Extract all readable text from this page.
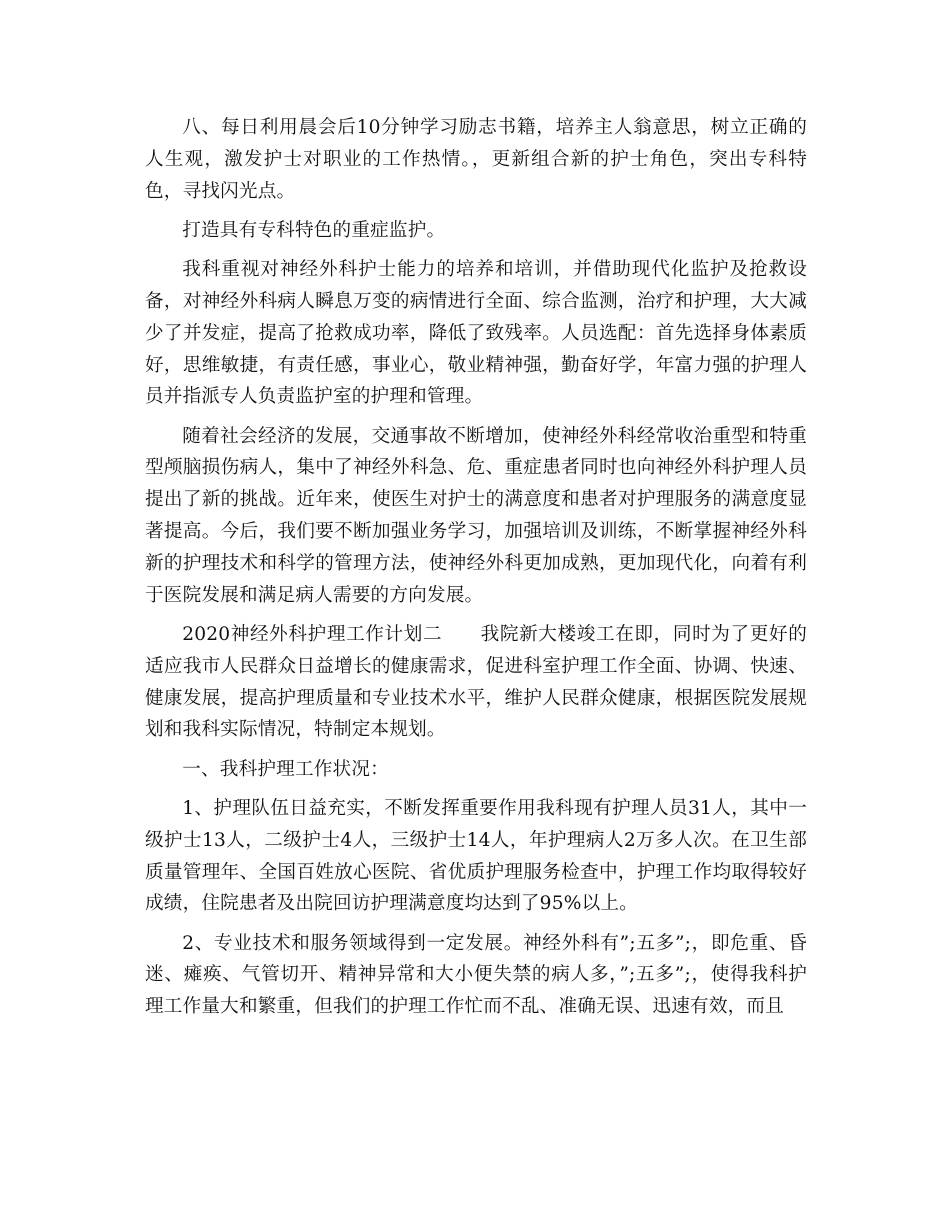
八、每日利用晨会后10分钟学习励志书籍，培养主人翁意思，树立正确的人生观，激发护士对职业的工作热情。，更新组合新的护士角色，突出专科特色，寻找闪光点。

打造具有专科特色的重症监护。

我科重视对神经外科护士能力的培养和培训，并借助现代化监护及抢救设备，对神经外科病人瞬息万变的病情进行全面、综合监测，治疗和护理，大大减少了并发症，提高了抢救成功率，降低了致残率。人员选配：首先选择身体素质好，思维敏捷，有责任感，事业心，敬业精神强，勤奋好学，年富力强的护理人员并指派专人负责监护室的护理和管理。

随着社会经济的发展，交通事故不断增加，使神经外科经常收治重型和特重型颅脑损伤病人，集中了神经外科急、危、重症患者同时也向神经外科护理人员提出了新的挑战。近年来，使医生对护士的满意度和患者对护理服务的满意度显著提高。今后，我们要不断加强业务学习，加强培训及训练，不断掌握神经外科新的护理技术和科学的管理方法，使神经外科更加成熟，更加现代化，向着有利于医院发展和满足病人需要的方向发展。

2020神经外科护理工作计划二　　我院新大楼竣工在即，同时为了更好的适应我市人民群众日益增长的健康需求，促进科室护理工作全面、协调、快速、健康发展，提高护理质量和专业技术水平，维护人民群众健康，根据医院发展规划和我科实际情况，特制定本规划。

一、我科护理工作状况：

1、护理队伍日益充实，不断发挥重要作用我科现有护理人员31人，其中一级护士13人，二级护士4人，三级护士14人，年护理病人2万多人次。在卫生部质量管理年、全国百姓放心医院、省优质护理服务检查中，护理工作均取得较好成绩，住院患者及出院回访护理满意度均达到了95%以上。

2、专业技术和服务领域得到一定发展。神经外科有”;五多”;，即危重、昏迷、瘫痪、气管切开、精神异常和大小便失禁的病人多，”;五多”;，使得我科护理工作量大和繁重，但我们的护理工作忙而不乱、准确无误、迅速有效，而且
